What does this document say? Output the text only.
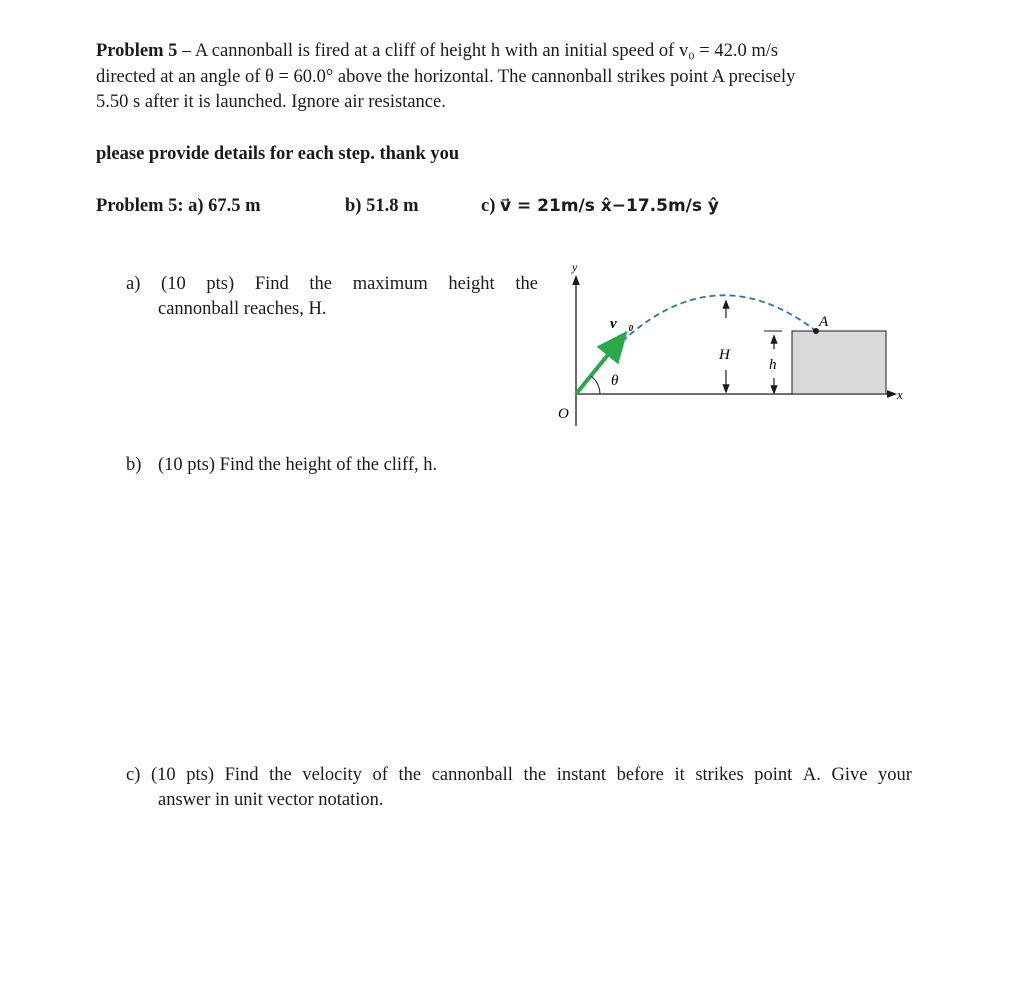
Problem 5 – A cannonball is fired at a cliff of height h with an initial speed of v₀ = 42.0 m/s
directed at an angle of θ = 60.0° above the horizontal. The cannonball strikes point A precisely
5.50 s after it is launched. Ignore air resistance.
please provide details for each step. thank you
Problem 5: a) 67.5 m	b) 51.8 m	c) v = 21m/s x̂−17.5m/s ŷ
a) (10 pts) Find the maximum height the
cannonball reaches, H.
b) (10 pts) Find the height of the cliff, h.
c) (10 pts) Find the velocity of the cannonball the instant before it strikes point A. Give your
answer in unit vector notation.
y
x
O
v⃗₀
θ
H
h
A
